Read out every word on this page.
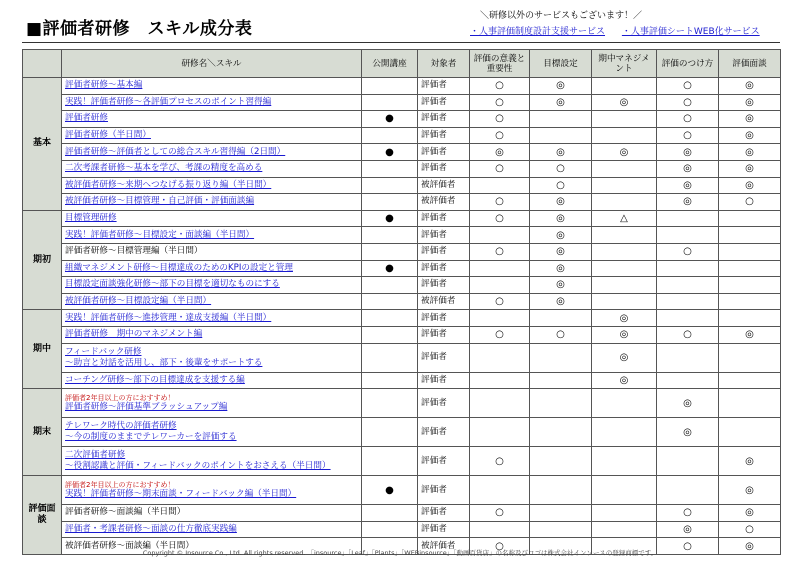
■評価者研修　スキル成分表
＼研修以外のサービスもございます！／
・人事評価制度設計支援サービス ・人事評価シートWEB化サービス
	研修名＼スキル	公開講座	対象者	評価の意義と重要性	目標設定	期中マネジメント	評価のつけ方	評価面談
基本	評価者研修～基本編		評価者	○	◎		○	◎
	実践！評価者研修～各評価プロセスのポイント習得編		評価者	○	◎	◎	○	◎
	評価者研修	●	評価者	○			○	◎
	評価者研修（半日間）		評価者	○			○	◎
	評価者研修～評価者としての総合スキル習得編（2日間）	●	評価者	◎	◎	◎	◎	◎
	二次考課者研修～基本を学び、考課の精度を高める		評価者	○	○		◎	◎
	被評価者研修～来期へつなげる振り返り編（半日間）		被評価者		○		◎	◎
	被評価者研修～目標管理・自己評価・評価面談編		被評価者	○	◎		◎	○
期初	目標管理研修	●	評価者	○	◎	△		
	実践！評価者研修～目標設定・面談編（半日間）		評価者		◎			
	評価者研修～目標管理編（半日間）		評価者	○	◎		○	
	組織マネジメント研修～目標達成のためのKPIの設定と管理	●	評価者		◎			
	目標設定面談強化研修～部下の目標を適切なものにする		評価者		◎			
	被評価者研修～目標設定編（半日間）		被評価者	○	◎			
期中	実践！評価者研修～進捗管理・達成支援編（半日間）		評価者			◎		
	評価者研修　期中のマネジメント編		評価者	○	○	◎	○	◎
	フィードバック研修
～助言と対話を活用し、部下・後輩をサポートする		評価者			◎		
	コーチング研修～部下の目標達成を支援する編		評価者			◎		
期末	評価者2年目以上の方におすすめ！
評価者研修～評価基準ブラッシュアップ編		評価者				◎	
	テレワーク時代の評価者研修
～今の制度のままでテレワーカーを評価する		評価者				◎	
	二次評価者研修
～役割認識と評価・フィードバックのポイントをおさえる（半日間）		評価者	○				◎
評価面談	評価者2年目以上の方におすすめ！
実践！評価者研修～期末面談・フィードバック編（半日間）	●	評価者					◎
	評価者研修～面談編（半日間）		評価者	○			○	◎
	評価者・考課者研修～面談の仕方徹底実践編		評価者				◎	○
	被評価者研修～面談編（半日間）		被評価者	○			○	◎
Copyright © Insource Co., Ltd. All rights reserved. 「insource」「Leaf」「Plants」「WEBinsource」「動画百貨店」の名称及びロゴは株式会社インソースの登録商標です。
